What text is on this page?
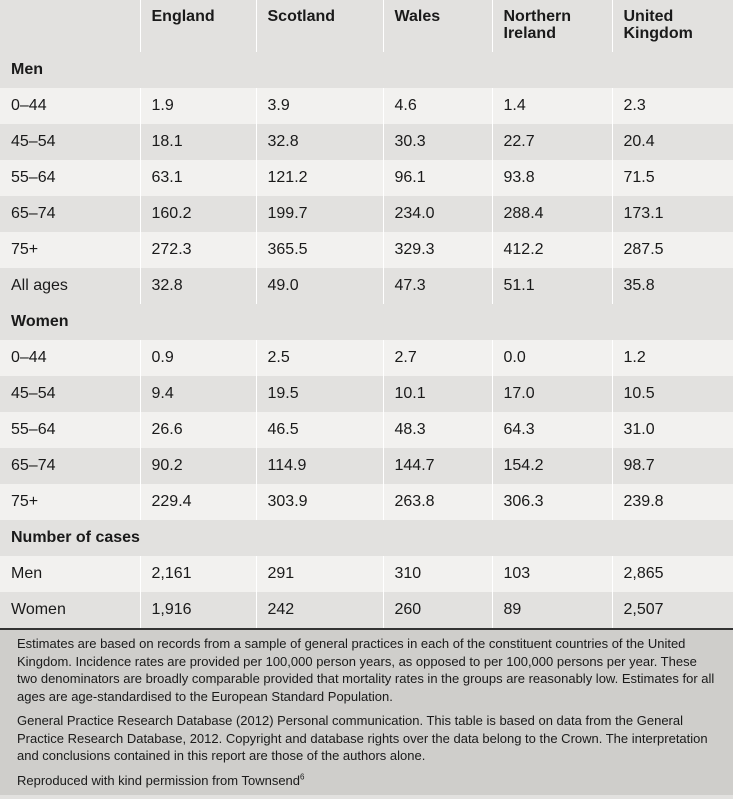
	England	Scotland	Wales	Northern Ireland	United Kingdom
Men					
0–44	1.9	3.9	4.6	1.4	2.3
45–54	18.1	32.8	30.3	22.7	20.4
55–64	63.1	121.2	96.1	93.8	71.5
65–74	160.2	199.7	234.0	288.4	173.1
75+	272.3	365.5	329.3	412.2	287.5
All ages	32.8	49.0	47.3	51.1	35.8
Women					
0–44	0.9	2.5	2.7	0.0	1.2
45–54	9.4	19.5	10.1	17.0	10.5
55–64	26.6	46.5	48.3	64.3	31.0
65–74	90.2	114.9	144.7	154.2	98.7
75+	229.4	303.9	263.8	306.3	239.8
Number of cases					
Men	2,161	291	310	103	2,865
Women	1,916	242	260	89	2,507

Estimates are based on records from a sample of general practices in each of the constituent countries of the United Kingdom. Incidence rates are provided per 100,000 person years, as opposed to per 100,000 persons per year. These two denominators are broadly comparable provided that mortality rates in the groups are reasonably low. Estimates for all ages are age-standardised to the European Standard Population.

General Practice Research Database (2012) Personal communication. This table is based on data from the General Practice Research Database, 2012. Copyright and database rights over the data belong to the Crown. The interpretation and conclusions contained in this report are those of the authors alone.

Reproduced with kind permission from Townsend$^6$
